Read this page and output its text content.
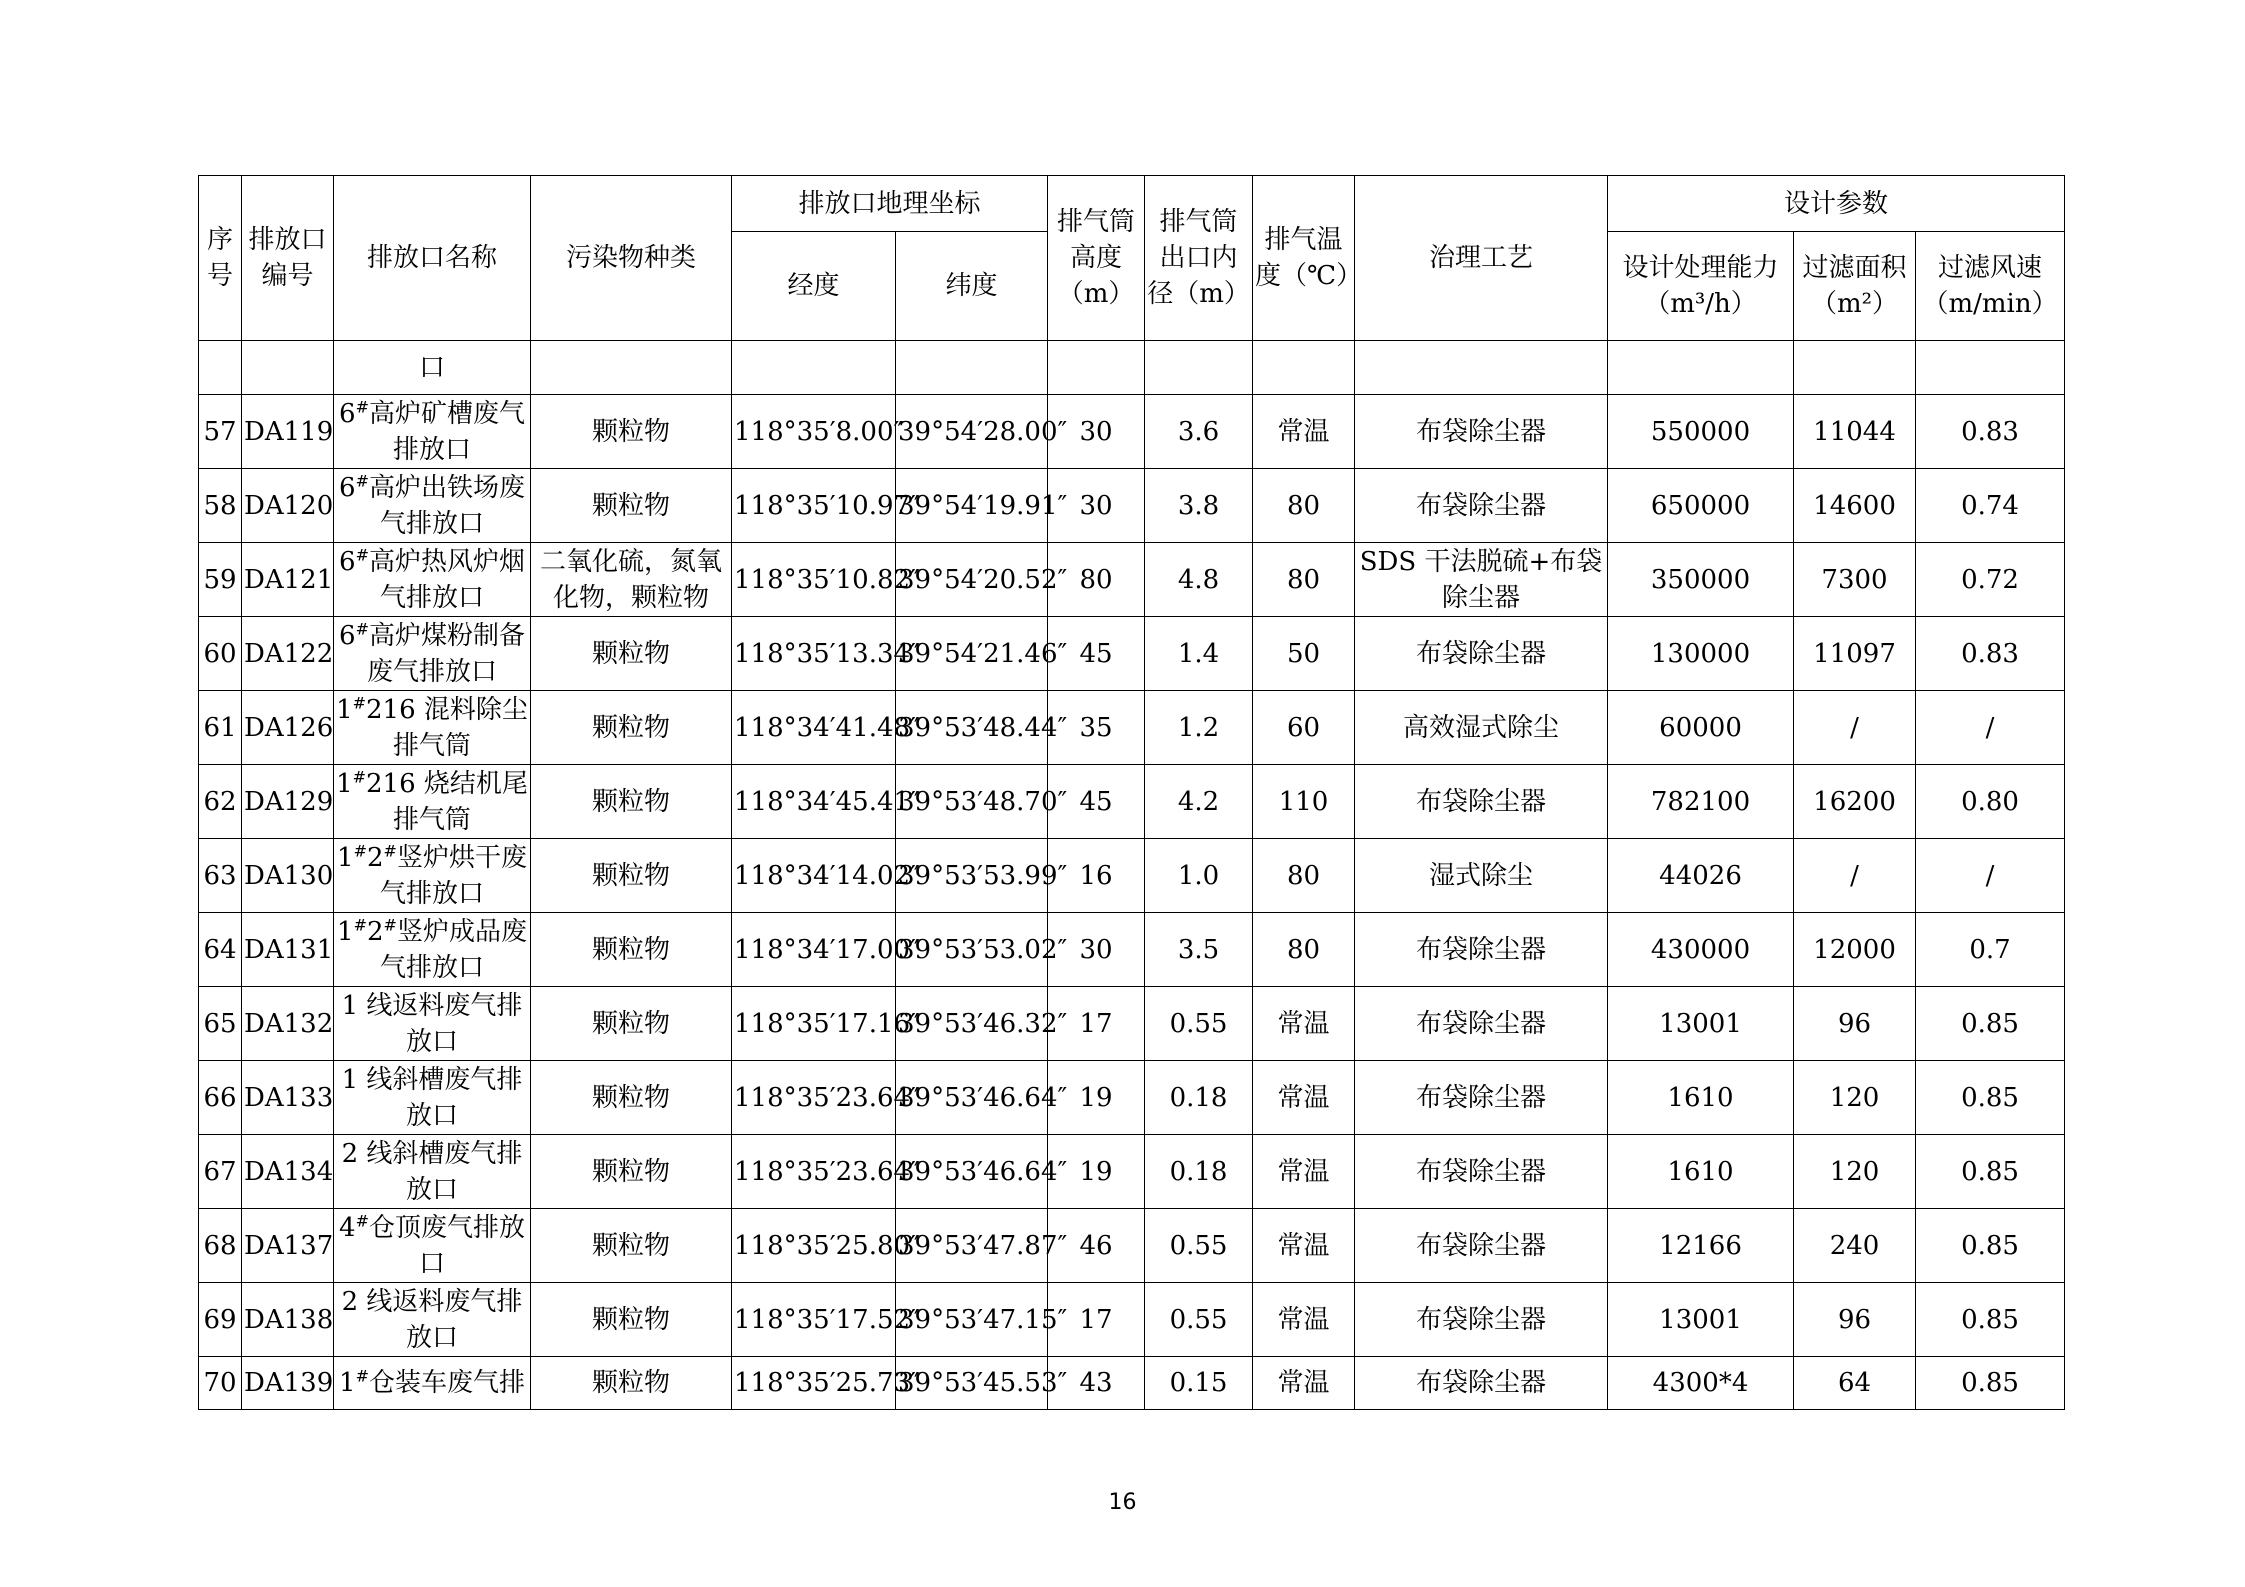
序号	排放口编号	排放口名称	污染物种类	排放口地理坐标		排气筒高度（m）	排气筒出口内径（m）	排气温度（℃）	治理工艺	设计参数		
				经度	纬度					设计处理能力（m³/h）	过滤面积（m²）	过滤风速（m/min）
		口										
57	DA119	6#高炉矿槽废气排放口	颗粒物	118°35′8.00″	39°54′28.00″	30	3.6	常温	布袋除尘器	550000	11044	0.83
58	DA120	6#高炉出铁场废气排放口	颗粒物	118°35′10.97″	39°54′19.91″	30	3.8	80	布袋除尘器	650000	14600	0.74
59	DA121	6#高炉热风炉烟气排放口	二氧化硫，氮氧化物，颗粒物	118°35′10.82″	39°54′20.52″	80	4.8	80	SDS 干法脱硫+布袋除尘器	350000	7300	0.72
60	DA122	6#高炉煤粉制备废气排放口	颗粒物	118°35′13.34″	39°54′21.46″	45	1.4	50	布袋除尘器	130000	11097	0.83
61	DA126	1#216 混料除尘排气筒	颗粒物	118°34′41.48″	39°53′48.44″	35	1.2	60	高效湿式除尘	60000	/	/
62	DA129	1#216 烧结机尾排气筒	颗粒物	118°34′45.41″	39°53′48.70″	45	4.2	110	布袋除尘器	782100	16200	0.80
63	DA130	1#2#竖炉烘干废气排放口	颗粒物	118°34′14.02″	39°53′53.99″	16	1.0	80	湿式除尘	44026	/	/
64	DA131	1#2#竖炉成品废气排放口	颗粒物	118°34′17.00″	39°53′53.02″	30	3.5	80	布袋除尘器	430000	12000	0.7
65	DA132	1 线返料废气排放口	颗粒物	118°35′17.16″	39°53′46.32″	17	0.55	常温	布袋除尘器	13001	96	0.85
66	DA133	1 线斜槽废气排放口	颗粒物	118°35′23.64″	39°53′46.64″	19	0.18	常温	布袋除尘器	1610	120	0.85
67	DA134	2 线斜槽废气排放口	颗粒物	118°35′23.64″	39°53′46.64″	19	0.18	常温	布袋除尘器	1610	120	0.85
68	DA137	4#仓顶废气排放口	颗粒物	118°35′25.80″	39°53′47.87″	46	0.55	常温	布袋除尘器	12166	240	0.85
69	DA138	2 线返料废气排放口	颗粒物	118°35′17.52″	39°53′47.15″	17	0.55	常温	布袋除尘器	13001	96	0.85
70	DA139	1#仓装车废气排	颗粒物	118°35′25.73″	39°53′45.53″	43	0.15	常温	布袋除尘器	4300*4	64	0.85
16
